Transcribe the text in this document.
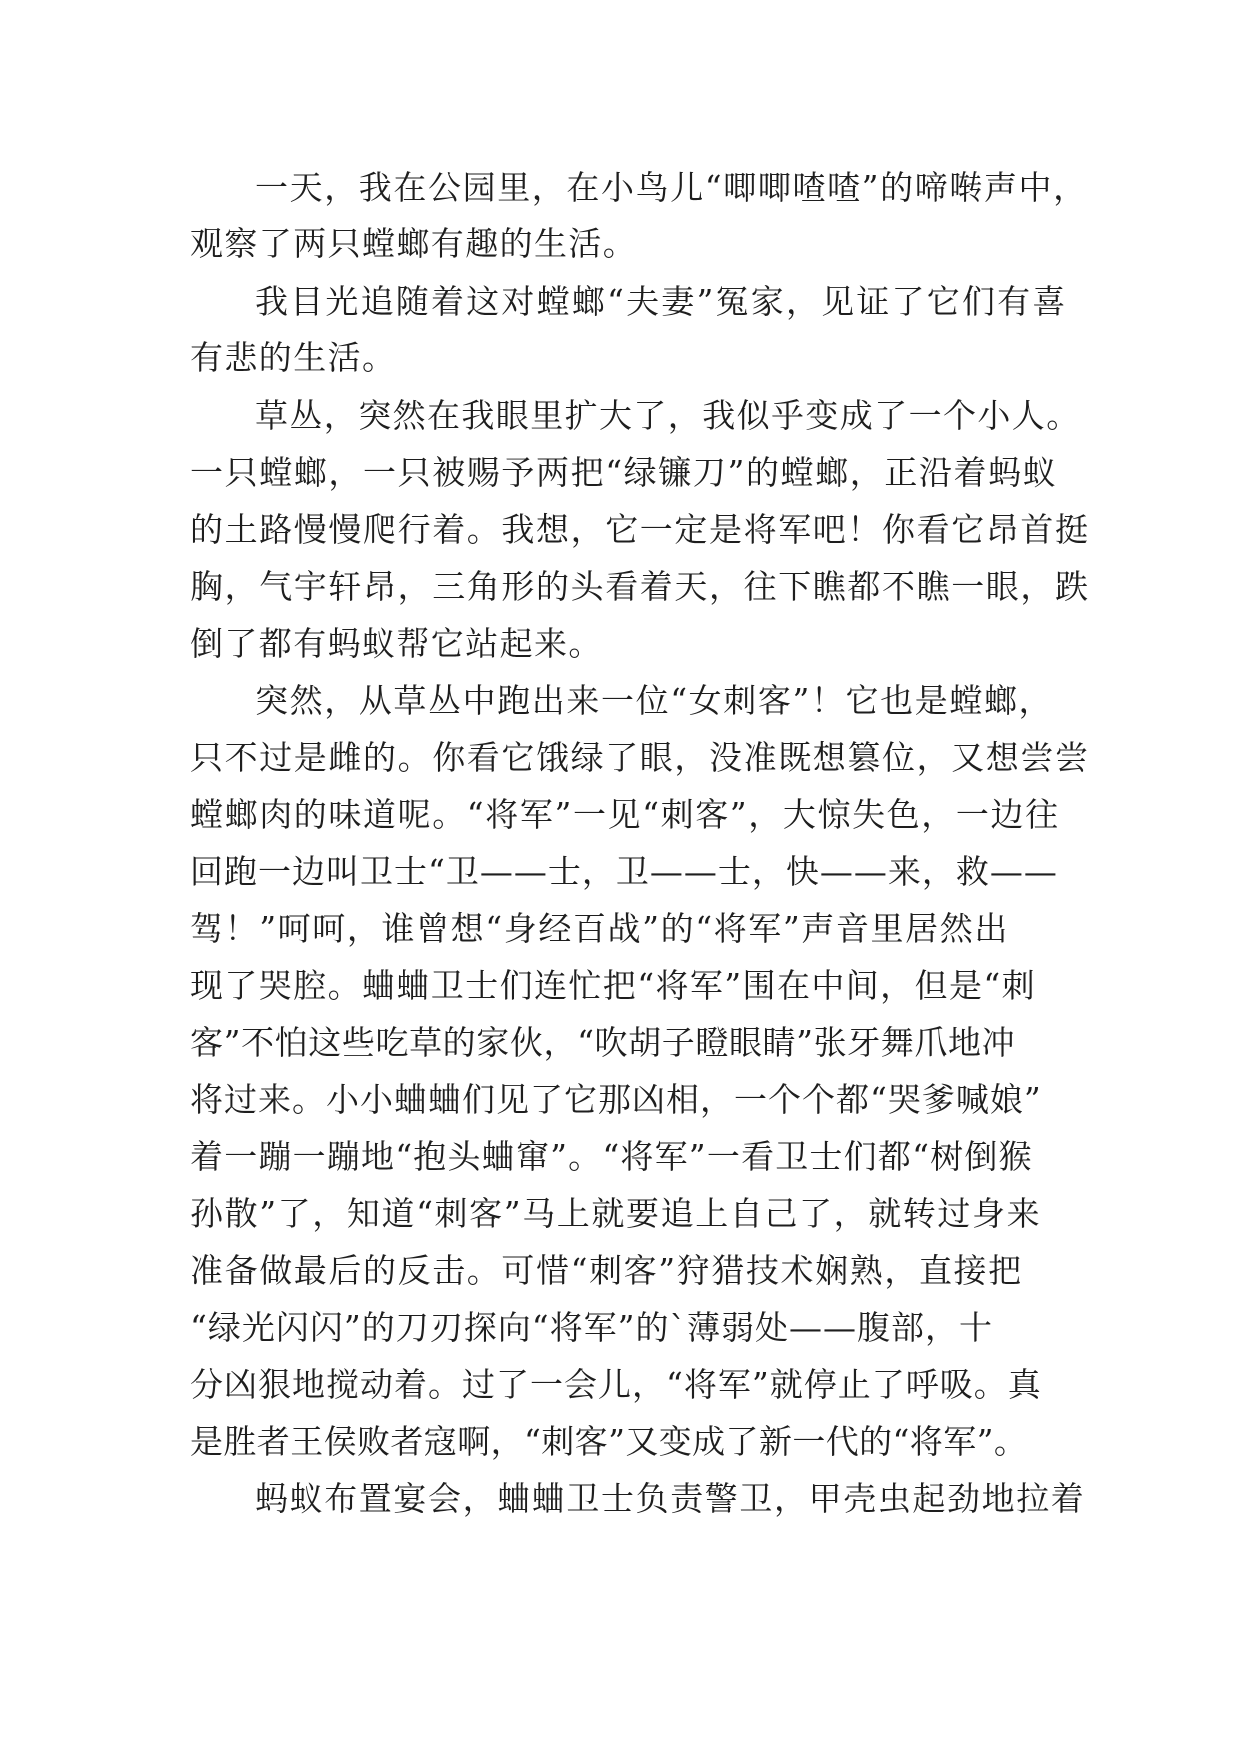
一天，我在公园里，在小鸟儿“唧唧喳喳”的啼啭声中，
观察了两只螳螂有趣的生活。
我目光追随着这对螳螂“夫妻”冤家，见证了它们有喜
有悲的生活。
草丛，突然在我眼里扩大了，我似乎变成了一个小人。
一只螳螂，一只被赐予两把“绿镰刀”的螳螂，正沿着蚂蚁
的土路慢慢爬行着。我想，它一定是将军吧！你看它昂首挺
胸，气宇轩昂，三角形的头看着天，往下瞧都不瞧一眼，跌
倒了都有蚂蚁帮它站起来。
突然，从草丛中跑出来一位“女刺客”！它也是螳螂，
只不过是雌的。你看它饿绿了眼，没准既想篡位，又想尝尝
螳螂肉的味道呢。“将军”一见“刺客”，大惊失色，一边往
回跑一边叫卫士“卫——士，卫——士，快——来，救——
驾！”呵呵，谁曾想“身经百战”的“将军”声音里居然出
现了哭腔。蛐蛐卫士们连忙把“将军”围在中间，但是“刺
客”不怕这些吃草的家伙，“吹胡子瞪眼睛”张牙舞爪地冲
将过来。小小蛐蛐们见了它那凶相，一个个都“哭爹喊娘”
着一蹦一蹦地“抱头蛐窜”。“将军”一看卫士们都“树倒猴
孙散”了，知道“刺客”马上就要追上自己了，就转过身来
准备做最后的反击。可惜“刺客”狩猎技术娴熟，直接把
“绿光闪闪”的刀刃探向“将军”的`薄弱处——腹部，十
分凶狠地搅动着。过了一会儿，“将军”就停止了呼吸。真
是胜者王侯败者寇啊，“刺客”又变成了新一代的“将军”。
蚂蚁布置宴会，蛐蛐卫士负责警卫，甲壳虫起劲地拉着
